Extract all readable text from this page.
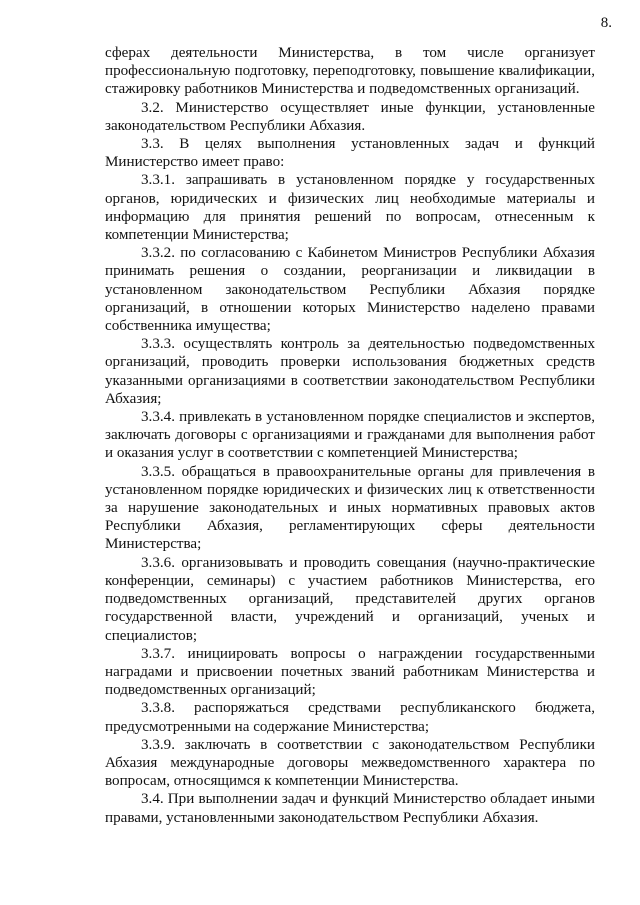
8.

сферах деятельности Министерства, в том числе организует профессиональную подготовку, переподготовку, повышение квалификации, стажировку работников Министерства и подведомственных организаций.

3.2. Министерство осуществляет иные функции, установленные законодательством Республики Абхазия.

3.3. В целях выполнения установленных задач и функций Министерство имеет право:

3.3.1. запрашивать в установленном порядке у государственных органов, юридических и физических лиц необходимые материалы и информацию для принятия решений по вопросам, отнесенным к компетенции Министерства;

3.3.2. по согласованию с Кабинетом Министров Республики Абхазия принимать решения о создании, реорганизации и ликвидации в установленном законодательством Республики Абхазия порядке организаций, в отношении которых Министерство наделено правами собственника имущества;

3.3.3. осуществлять контроль за деятельностью подведомственных организаций, проводить проверки использования бюджетных средств указанными организациями в соответствии законодательством Республики Абхазия;

3.3.4. привлекать в установленном порядке специалистов и экспертов, заключать договоры с организациями и гражданами для выполнения работ и оказания услуг в соответствии с компетенцией Министерства;

3.3.5. обращаться в правоохранительные органы для привлечения в установленном порядке юридических и физических лиц к ответственности за нарушение законодательных и иных нормативных правовых актов Республики Абхазия, регламентирующих сферы деятельности Министерства;

3.3.6. организовывать и проводить совещания (научно-практические конференции, семинары) с участием работников Министерства, его подведомственных организаций, представителей других органов государственной власти, учреждений и организаций, ученых и специалистов;

3.3.7. инициировать вопросы о награждении государственными наградами и присвоении почетных званий работникам Министерства и подведомственных организаций;

3.3.8. распоряжаться средствами республиканского бюджета, предусмотренными на содержание Министерства;

3.3.9. заключать в соответствии с законодательством Республики Абхазия международные договоры межведомственного характера по вопросам, относящимся к компетенции Министерства.

3.4. При выполнении задач и функций Министерство обладает иными правами, установленными законодательством Республики Абхазия.
